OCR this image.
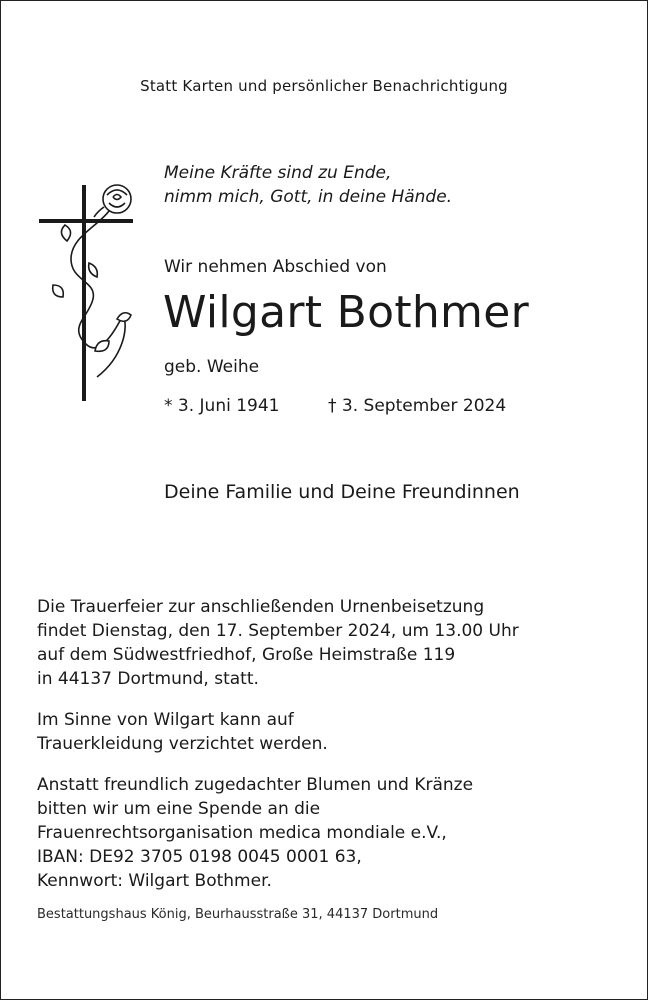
Statt Karten und persönlicher Benachrichtigung
Meine Kräfte sind zu Ende,
nimm mich, Gott, in deine Hände.
Wir nehmen Abschied von
Wilgart Bothmer
geb. Weihe
* 3. Juni 1941	† 3. September 2024
Deine Familie und Deine Freundinnen
Die Trauerfeier zur anschließenden Urnenbeisetzung
findet Dienstag, den 17. September 2024, um 13.00 Uhr
auf dem Südwestfriedhof, Große Heimstraße 119
in 44137 Dortmund, statt.
Im Sinne von Wilgart kann auf
Trauerkleidung verzichtet werden.
Anstatt freundlich zugedachter Blumen und Kränze
bitten wir um eine Spende an die
Frauenrechtsorganisation medica mondiale e.V.,
IBAN: DE92 3705 0198 0045 0001 63,
Kennwort: Wilgart Bothmer.
Bestattungshaus König, Beurhausstraße 31, 44137 Dortmund
